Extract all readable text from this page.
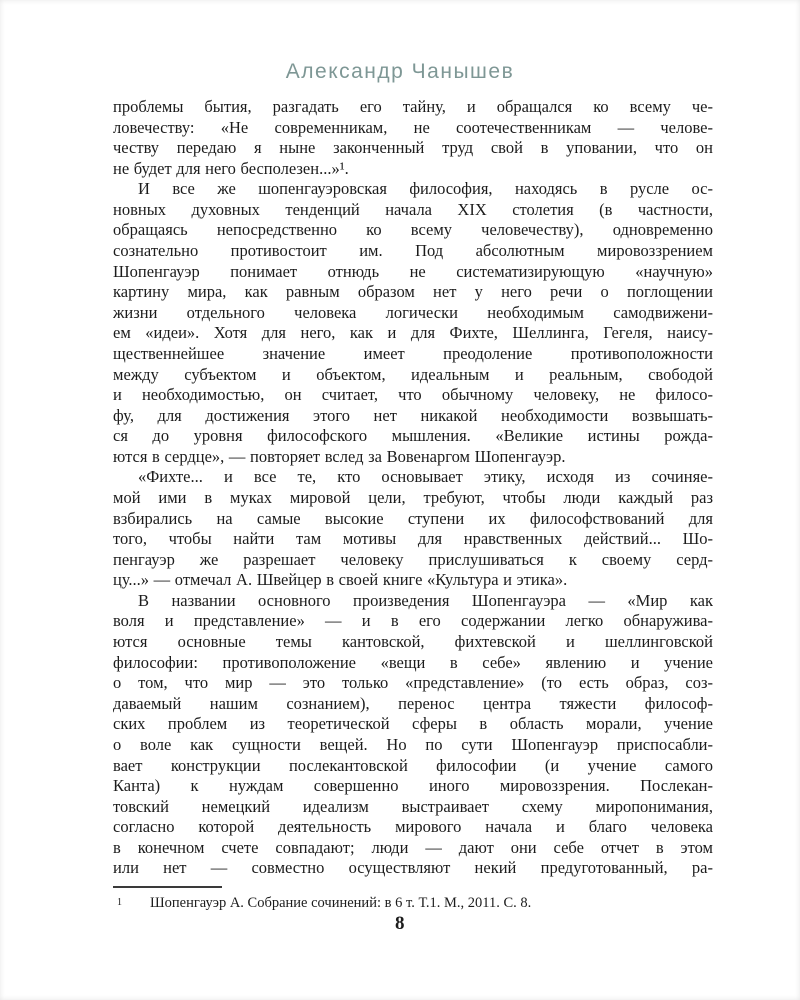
Александр Чанышев
проблемы бытия, разгадать его тайну, и обращался ко всему че-
ловечеству: «Не современникам, не соотечественникам — челове-
честву передаю я ныне законченный труд свой в уповании, что он
не будет для него бесполезен...»¹.
И все же шопенгауэровская философия, находясь в русле ос-
новных духовных тенденций начала XIX столетия (в частности,
обращаясь непосредственно ко всему человечеству), одновременно
сознательно противостоит им. Под абсолютным мировоззрением
Шопенгауэр понимает отнюдь не систематизирующую «научную»
картину мира, как равным образом нет у него речи о поглощении
жизни отдельного человека логически необходимым самодвижени-
ем «идеи». Хотя для него, как и для Фихте, Шеллинга, Гегеля, наису-
щественнейшее значение имеет преодоление противоположности
между субъектом и объектом, идеальным и реальным, свободой
и необходимостью, он считает, что обычному человеку, не филосо-
фу, для достижения этого нет никакой необходимости возвышать-
ся до уровня философского мышления. «Великие истины рожда-
ются в сердце», — повторяет вслед за Вовенаргом Шопенгауэр.
«Фихте... и все те, кто основывает этику, исходя из сочиняе-
мой ими в муках мировой цели, требуют, чтобы люди каждый раз
взбирались на самые высокие ступени их философствований для
того, чтобы найти там мотивы для нравственных действий... Шо-
пенгауэр же разрешает человеку прислушиваться к своему серд-
цу...» — отмечал А. Швейцер в своей книге «Культура и этика».
В названии основного произведения Шопенгауэра — «Мир как
воля и представление» — и в его содержании легко обнаружива-
ются основные темы кантовской, фихтевской и шеллинговской
философии: противоположение «вещи в себе» явлению и учение
о том, что мир — это только «представление» (то есть образ, соз-
даваемый нашим сознанием), перенос центра тяжести философ-
ских проблем из теоретической сферы в область морали, учение
о воле как сущности вещей. Но по сути Шопенгауэр приспосабли-
вает конструкции послекантовской философии (и учение самого
Канта) к нуждам совершенно иного мировоззрения. Послекан-
товский немецкий идеализм выстраивает схему миропонимания,
согласно которой деятельность мирового начала и благо человека
в конечном счете совпадают; люди — дают они себе отчет в этом
или нет — совместно осуществляют некий предуготованный, ра-
1 Шопенгауэр А. Собрание сочинений: в 6 т. Т.1. М., 2011. С. 8.
8
